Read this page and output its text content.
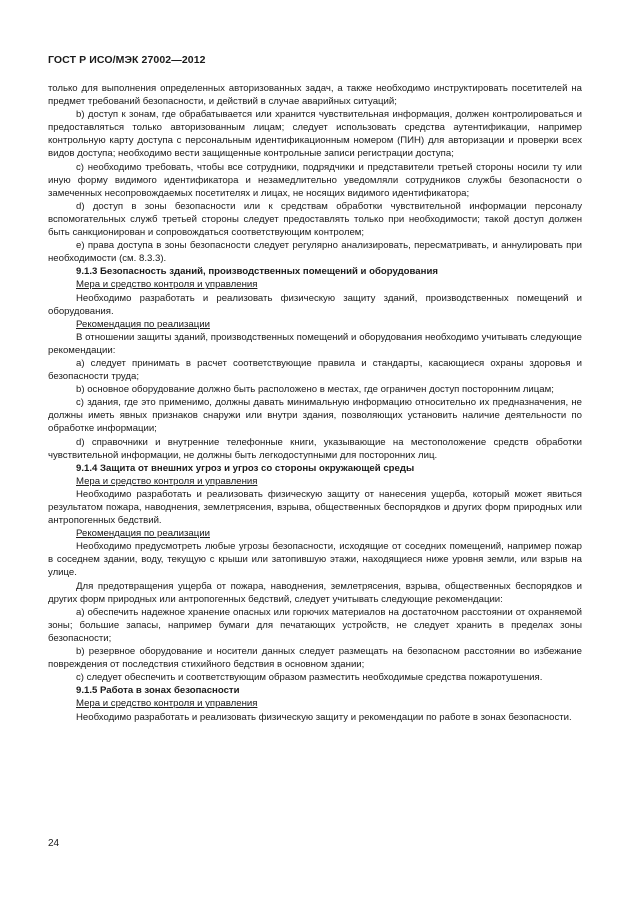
ГОСТ Р ИСО/МЭК 27002—2012

только для выполнения определенных авторизованных задач, а также необходимо инструктировать посетителей на предмет требований безопасности, и действий в случае аварийных ситуаций;

b) доступ к зонам, где обрабатывается или хранится чувствительная информация, должен контролироваться и предоставляться только авторизованным лицам; следует использовать средства аутентификации, например контрольную карту доступа с персональным идентификационным номером (ПИН) для авторизации и проверки всех видов доступа; необходимо вести защищенные контрольные записи регистрации доступа;

c) необходимо требовать, чтобы все сотрудники, подрядчики и представители третьей стороны носили ту или иную форму видимого идентификатора и незамедлительно уведомляли сотрудников службы безопасности о замеченных несопровождаемых посетителях и лицах, не носящих видимого идентификатора;

d) доступ в зоны безопасности или к средствам обработки чувствительной информации персоналу вспомогательных служб третьей стороны следует предоставлять только при необходимости; такой доступ должен быть санкционирован и сопровождаться соответствующим контролем;

e) права доступа в зоны безопасности следует регулярно анализировать, пересматривать, и аннулировать при необходимости (см. 8.3.3).

9.1.3 Безопасность зданий, производственных помещений и оборудования

Мера и средство контроля и управления

Необходимо разработать и реализовать физическую защиту зданий, производственных помещений и оборудования.

Рекомендация по реализации

В отношении защиты зданий, производственных помещений и оборудования необходимо учитывать следующие рекомендации:

a) следует принимать в расчет соответствующие правила и стандарты, касающиеся охраны здоровья и безопасности труда;

b) основное оборудование должно быть расположено в местах, где ограничен доступ посторонним лицам;

c) здания, где это применимо, должны давать минимальную информацию относительно их предназначения, не должны иметь явных признаков снаружи или внутри здания, позволяющих установить наличие деятельности по обработке информации;

d) справочники и внутренние телефонные книги, указывающие на местоположение средств обработки чувствительной информации, не должны быть легкодоступными для посторонних лиц.

9.1.4 Защита от внешних угроз и угроз со стороны окружающей среды

Мера и средство контроля и управления

Необходимо разработать и реализовать физическую защиту от нанесения ущерба, который может явиться результатом пожара, наводнения, землетрясения, взрыва, общественных беспорядков и других форм природных или антропогенных бедствий.

Рекомендация по реализации

Необходимо предусмотреть любые угрозы безопасности, исходящие от соседних помещений, например пожар в соседнем здании, воду, текущую с крыши или затопившую этажи, находящиеся ниже уровня земли, или взрыв на улице.

Для предотвращения ущерба от пожара, наводнения, землетрясения, взрыва, общественных беспорядков и других форм природных или антропогенных бедствий, следует учитывать следующие рекомендации:

a) обеспечить надежное хранение опасных или горючих материалов на достаточном расстоянии от охраняемой зоны; большие запасы, например бумаги для печатающих устройств, не следует хранить в пределах зоны безопасности;

b) резервное оборудование и носители данных следует размещать на безопасном расстоянии во избежание повреждения от последствия стихийного бедствия в основном здании;

c) следует обеспечить и соответствующим образом разместить необходимые средства пожаротушения.

9.1.5 Работа в зонах безопасности

Мера и средство контроля и управления

Необходимо разработать и реализовать физическую защиту и рекомендации по работе в зонах безопасности.

24
